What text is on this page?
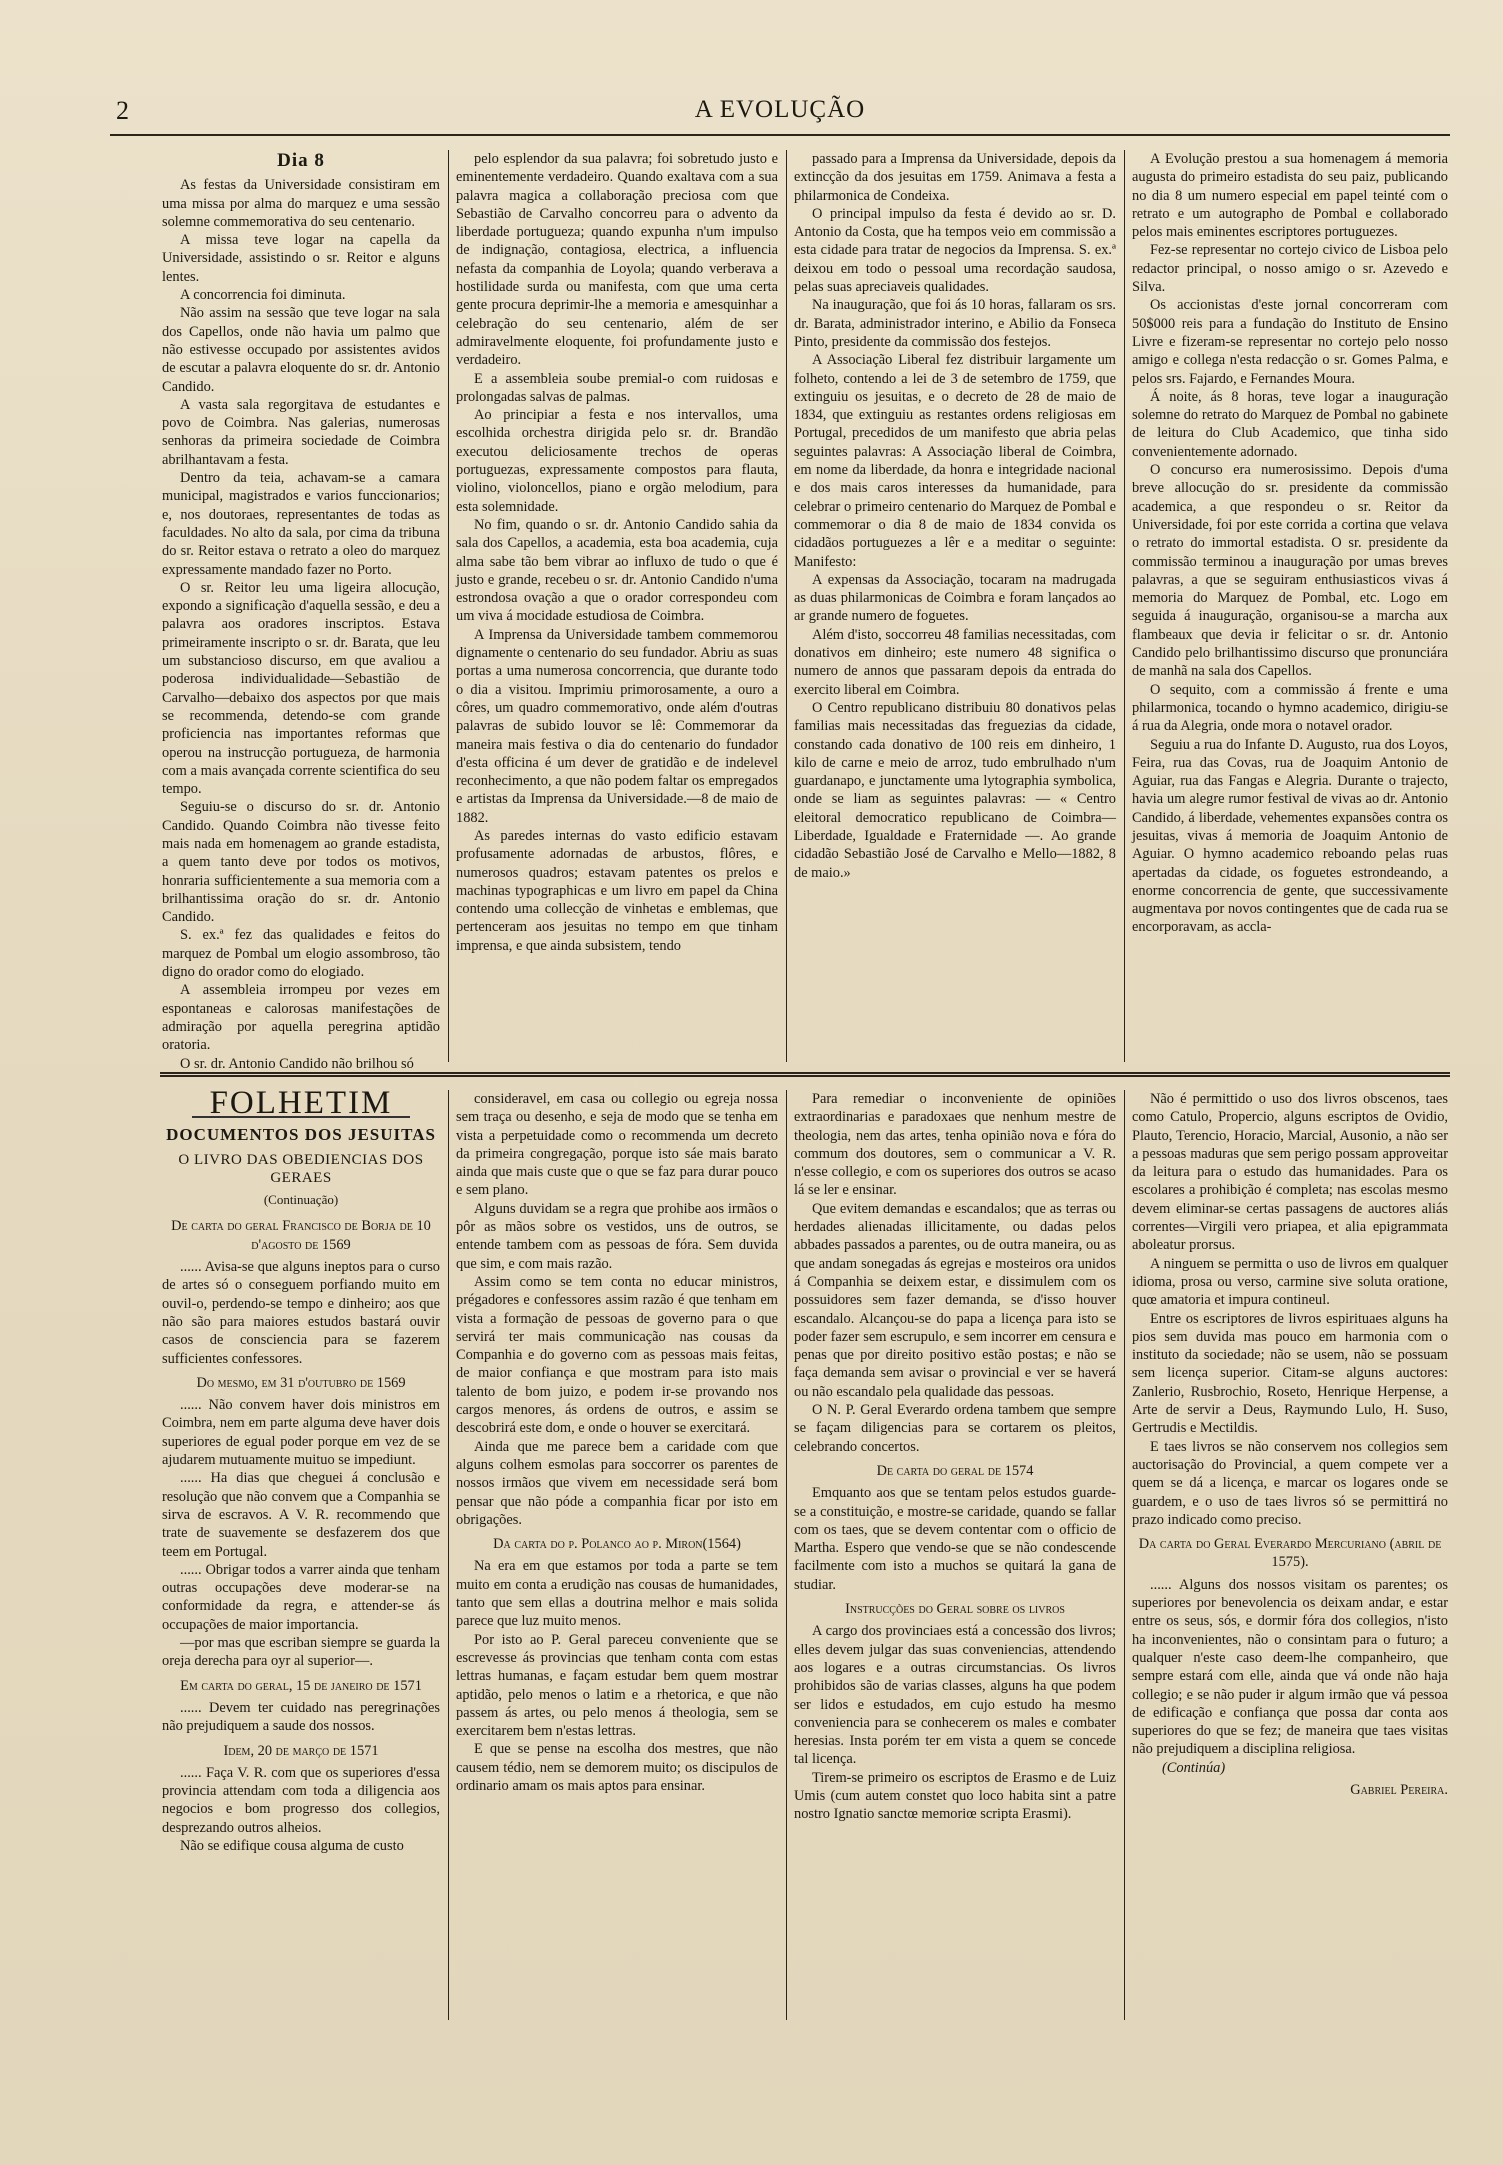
2	A EVOLUÇÃO
Dia 8

As festas da Universidade consistiram em uma missa por alma do marquez e uma sessão solemne commemorativa do seu centenario.

A missa teve logar na capella da Universidade, assistindo o sr. Reitor e alguns lentes.

A concorrencia foi diminuta.

Não assim na sessão que teve logar na sala dos Capellos, onde não havia um palmo que não estivesse occupado por assistentes avidos de escutar a palavra eloquente do sr. dr. Antonio Candido.

A vasta sala regorgitava de estudantes e povo de Coimbra. Nas galerias, numerosas senhoras da primeira sociedade de Coimbra abrilhantavam a festa.

Dentro da teia, achavam-se a camara municipal, magistrados e varios funccionarios; e, nos doutoraes, representantes de todas as faculdades. No alto da sala, por cima da tribuna do sr. Reitor estava o retrato a oleo do marquez expressamente mandado fazer no Porto.

O sr. Reitor leu uma ligeira allocução, expondo a significação d'aquella sessão, e deu a palavra aos oradores inscriptos. Estava primeiramente inscripto o sr. dr. Barata, que leu um substancioso discurso, em que avaliou a poderosa individualidade—Sebastião de Carvalho—debaixo dos aspectos por que mais se recommenda, detendo-se com grande proficiencia nas importantes reformas que operou na instrucção portugueza, de harmonia com a mais avançada corrente scientifica do seu tempo.

Seguiu-se o discurso do sr. dr. Antonio Candido. Quando Coimbra não tivesse feito mais nada em homenagem ao grande estadista, a quem tanto deve por todos os motivos, honraria sufficientemente a sua memoria com a brilhantissima oração do sr. dr. Antonio Candido.

S. ex.ª fez das qualidades e feitos do marquez de Pombal um elogio assombroso, tão digno do orador como do elogiado.

A assembleia irrompeu por vezes em espontaneas e calorosas manifestações de admiração por aquella peregrina aptidão oratoria.

O sr. dr. Antonio Candido não brilhou só

pelo esplendor da sua palavra; foi sobretudo justo e eminentemente verdadeiro. Quando exaltava com a sua palavra magica a collaboração preciosa com que Sebastião de Carvalho concorreu para o advento da liberdade portugueza; quando expunha n'um impulso de indignação, contagiosa, electrica, a influencia nefasta da companhia de Loyola; quando verberava a hostilidade surda ou manifesta, com que uma certa gente procura deprimir-lhe a memoria e amesquinhar a celebração do seu centenario, além de ser admiravelmente eloquente, foi profundamente justo e verdadeiro.

E a assembleia soube premial-o com ruidosas e prolongadas salvas de palmas.

Ao principiar a festa e nos intervallos, uma escolhida orchestra dirigida pelo sr. dr. Brandão executou deliciosamente trechos de operas portuguezas, expressamente compostos para flauta, violino, violoncellos, piano e orgão melodium, para esta solemnidade.

No fim, quando o sr. dr. Antonio Candido sahia da sala dos Capellos, a academia, esta boa academia, cuja alma sabe tão bem vibrar ao influxo de tudo o que é justo e grande, recebeu o sr. dr. Antonio Candido n'uma estrondosa ovação a que o orador correspondeu com um viva á mocidade estudiosa de Coimbra.

A Imprensa da Universidade tambem commemorou dignamente o centenario do seu fundador. Abriu as suas portas a uma numerosa concorrencia, que durante todo o dia a visitou. Imprimiu primorosamente, a ouro a côres, um quadro commemorativo, onde além d'outras palavras de subido louvor se lê: Commemorar da maneira mais festiva o dia do centenario do fundador d'esta officina é um dever de gratidão e de indelevel reconhecimento, a que não podem faltar os empregados e artistas da Imprensa da Universidade.—8 de maio de 1882.

As paredes internas do vasto edificio estavam profusamente adornadas de arbustos, flôres, e numerosos quadros; estavam patentes os prelos e machinas typographicas e um livro em papel da China contendo uma collecção de vinhetas e emblemas, que pertenceram aos jesuitas no tempo em que tinham imprensa, e que ainda subsistem, tendo

passado para a Imprensa da Universidade, depois da extincção da dos jesuitas em 1759. Animava a festa a philarmonica de Condeixa.

O principal impulso da festa é devido ao sr. D. Antonio da Costa, que ha tempos veio em commissão a esta cidade para tratar de negocios da Imprensa. S. ex.ª deixou em todo o pessoal uma recordação saudosa, pelas suas apreciaveis qualidades.

Na inauguração, que foi ás 10 horas, fallaram os srs. dr. Barata, administrador interino, e Abilio da Fonseca Pinto, presidente da commissão dos festejos.

A Associação Liberal fez distribuir largamente um folheto, contendo a lei de 3 de setembro de 1759, que extinguiu os jesuitas, e o decreto de 28 de maio de 1834, que extinguiu as restantes ordens religiosas em Portugal, precedidos de um manifesto que abria pelas seguintes palavras: A Associação liberal de Coimbra, em nome da liberdade, da honra e integridade nacional e dos mais caros interesses da humanidade, para celebrar o primeiro centenario do Marquez de Pombal e commemorar o dia 8 de maio de 1834 convida os cidadãos portuguezes a lêr e a meditar o seguinte: Manifesto:

A expensas da Associação, tocaram na madrugada as duas philarmonicas de Coimbra e foram lançados ao ar grande numero de foguetes.

Além d'isto, soccorreu 48 familias necessitadas, com donativos em dinheiro; este numero 48 significa o numero de annos que passaram depois da entrada do exercito liberal em Coimbra.

O Centro republicano distribuiu 80 donativos pelas familias mais necessitadas das freguezias da cidade, constando cada donativo de 100 reis em dinheiro, 1 kilo de carne e meio de arroz, tudo embrulhado n'um guardanapo, e junctamente uma lytographia symbolica, onde se liam as seguintes palavras: — « Centro eleitoral democratico republicano de Coimbra—Liberdade, Igualdade e Fraternidade —. Ao grande cidadão Sebastião José de Carvalho e Mello—1882, 8 de maio.»

A Evolução prestou a sua homenagem á memoria augusta do primeiro estadista do seu paiz, publicando no dia 8 um numero especial em papel teinté com o retrato e um autographo de Pombal e collaborado pelos mais eminentes escriptores portuguezes.

Fez-se representar no cortejo civico de Lisboa pelo redactor principal, o nosso amigo o sr. Azevedo e Silva.

Os accionistas d'este jornal concorreram com 50$000 reis para a fundação do Instituto de Ensino Livre e fizeram-se representar no cortejo pelo nosso amigo e collega n'esta redacção o sr. Gomes Palma, e pelos srs. Fajardo, e Fernandes Moura.

Á noite, ás 8 horas, teve logar a inauguração solemne do retrato do Marquez de Pombal no gabinete de leitura do Club Academico, que tinha sido convenientemente adornado.

O concurso era numerosissimo. Depois d'uma breve allocução do sr. presidente da commissão academica, a que respondeu o sr. Reitor da Universidade, foi por este corrida a cortina que velava o retrato do immortal estadista. O sr. presidente da commissão terminou a inauguração por umas breves palavras, a que se seguiram enthusiasticos vivas á memoria do Marquez de Pombal, etc. Logo em seguida á inauguração, organisou-se a marcha aux flambeaux que devia ir felicitar o sr. dr. Antonio Candido pelo brilhantissimo discurso que pronunciára de manhã na sala dos Capellos.

O sequito, com a commissão á frente e uma philarmonica, tocando o hymno academico, dirigiu-se á rua da Alegria, onde mora o notavel orador.

Seguiu a rua do Infante D. Augusto, rua dos Loyos, Feira, rua das Covas, rua de Joaquim Antonio de Aguiar, rua das Fangas e Alegria. Durante o trajecto, havia um alegre rumor festival de vivas ao dr. Antonio Candido, á liberdade, vehementes expansões contra os jesuitas, vivas á memoria de Joaquim Antonio de Aguiar. O hymno academico reboando pelas ruas apertadas da cidade, os foguetes estrondeando, a enorme concorrencia de gente, que successivamente augmentava por novos contingentes que de cada rua se encorporavam, as accla-

FOLHETIM
DOCUMENTOS DOS JESUITAS
O LIVRO DAS OBEDIENCIAS DOS GERAES
(Continuação)

De carta do geral Francisco de Borja de 10 d'agosto de 1569

...... Avisa-se que alguns ineptos para o curso de artes só o conseguem porfiando muito em ouvil-o, perdendo-se tempo e dinheiro; aos que não são para maiores estudos bastará ouvir casos de consciencia para se fazerem sufficientes confessores.

Do mesmo, em 31 d'outubro de 1569

...... Não convem haver dois ministros em Coimbra, nem em parte alguma deve haver dois superiores de egual poder porque em vez de se ajudarem mutuamente muituo se impediunt.

...... Ha dias que cheguei á conclusão e resolução que não convem que a Companhia se sirva de escravos. A V. R. recommendo que trate de suavemente se desfazerem dos que teem em Portugal.

...... Obrigar todos a varrer ainda que tenham outras occupações deve moderar-se na conformidade da regra, e attender-se ás occupações de maior importancia.

—por mas que escriban siempre se guarda la oreja derecha para oyr al superior—.

Em carta do geral, 15 de janeiro de 1571

...... Devem ter cuidado nas peregrinações não prejudiquem a saude dos nossos.

Idem, 20 de março de 1571

...... Faça V. R. com que os superiores d'essa provincia attendam com toda a diligencia aos negocios e bom progresso dos collegios, desprezando outros alheios.

Não se edifique cousa alguma de custo

consideravel, em casa ou collegio ou egreja nossa sem traça ou desenho, e seja de modo que se tenha em vista a perpetuidade como o recommenda um decreto da primeira congregação, porque isto sáe mais barato ainda que mais custe que o que se faz para durar pouco e sem plano.

Alguns duvidam se a regra que prohibe aos irmãos o pôr as mãos sobre os vestidos, uns de outros, se entende tambem com as pessoas de fóra. Sem duvida que sim, e com mais razão.

Assim como se tem conta no educar ministros, prégadores e confessores assim razão é que tenham em vista a formação de pessoas de governo para o que servirá ter mais communicação nas cousas da Companhia e do governo com as pessoas mais feitas, de maior confiança e que mostram para isto mais talento de bom juizo, e podem ir-se provando nos cargos menores, ás ordens de outros, e assim se descobrirá este dom, e onde o houver se exercitará.

Ainda que me parece bem a caridade com que alguns colhem esmolas para soccorrer os parentes de nossos irmãos que vivem em necessidade será bom pensar que não póde a companhia ficar por isto em obrigações.

Da carta do p. Polanco ao p. Miron(1564)

Na era em que estamos por toda a parte se tem muito em conta a erudição nas cousas de humanidades, tanto que sem ellas a doutrina melhor e mais solida parece que luz muito menos.

Por isto ao P. Geral pareceu conveniente que se escrevesse ás provincias que tenham conta com estas lettras humanas, e façam estudar bem quem mostrar aptidão, pelo menos o latim e a rhetorica, e que não passem ás artes, ou pelo menos á theologia, sem se exercitarem bem n'estas lettras.

E que se pense na escolha dos mestres, que não causem tédio, nem se demorem muito; os discipulos de ordinario amam os mais aptos para ensinar.

Para remediar o inconveniente de opiniões extraordinarias e paradoxaes que nenhum mestre de theologia, nem das artes, tenha opinião nova e fóra do commum dos doutores, sem o communicar a V. R. n'esse collegio, e com os superiores dos outros se acaso lá se ler e ensinar.

Que evitem demandas e escandalos; que as terras ou herdades alienadas illicitamente, ou dadas pelos abbades passados a parentes, ou de outra maneira, ou as que andam sonegadas ás egrejas e mosteiros ora unidos á Companhia se deixem estar, e dissimulem com os possuidores sem fazer demanda, se d'isso houver escandalo. Alcançou-se do papa a licença para isto se poder fazer sem escrupulo, e sem incorrer em censura e penas que por direito positivo estão postas; e não se faça demanda sem avisar o provincial e ver se haverá ou não escandalo pela qualidade das pessoas.

O N. P. Geral Everardo ordena tambem que sempre se façam diligencias para se cortarem os pleitos, celebrando concertos.

De carta do geral de 1574

Emquanto aos que se tentam pelos estudos guarde-se a constituição, e mostre-se caridade, quando se fallar com os taes, que se devem contentar com o officio de Martha. Espero que vendo-se que se não condescende facilmente com isto a muchos se quitará la gana de studiar.

Instrucções do Geral sobre os livros

A cargo dos provinciaes está a concessão dos livros; elles devem julgar das suas conveniencias, attendendo aos logares e a outras circumstancias. Os livros prohibidos são de varias classes, alguns ha que podem ser lidos e estudados, em cujo estudo ha mesmo conveniencia para se conhecerem os males e combater heresias. Insta porém ter em vista a quem se concede tal licença.

Tirem-se primeiro os escriptos de Erasmo e de Luiz Umis (cum autem constet quo loco habita sint a patre nostro Ignatio sanctœ memoriœ scripta Erasmi).

Não é permittido o uso dos livros obscenos, taes como Catulo, Propercio, alguns escriptos de Ovidio, Plauto, Terencio, Horacio, Marcial, Ausonio, a não ser a pessoas maduras que sem perigo possam approveitar da leitura para o estudo das humanidades. Para os escolares a prohibição é completa; nas escolas mesmo devem eliminar-se certas passagens de auctores aliás correntes—Virgili vero priapea, et alia epigrammata aboleatur prorsus.

A ninguem se permitta o uso de livros em qualquer idioma, prosa ou verso, carmine sive soluta oratione, quœ amatoria et impura contineul.

Entre os escriptores de livros espirituaes alguns ha pios sem duvida mas pouco em harmonia com o instituto da sociedade; não se usem, não se possuam sem licença superior. Citam-se alguns auctores: Zanlerio, Rusbrochio, Roseto, Henrique Herpense, a Arte de servir a Deus, Raymundo Lulo, H. Suso, Gertrudis e Mectildis.

E taes livros se não conservem nos collegios sem auctorisação do Provincial, a quem compete ver a quem se dá a licença, e marcar os logares onde se guardem, e o uso de taes livros só se permittirá no prazo indicado como preciso.

Da carta do Geral Everardo Mercuriano (abril de 1575).

...... Alguns dos nossos visitam os parentes; os superiores por benevolencia os deixam andar, e estar entre os seus, sós, e dormir fóra dos collegios, n'isto ha inconvenientes, não o consintam para o futuro; a qualquer n'este caso deem-lhe companheiro, que sempre estará com elle, ainda que vá onde não haja collegio; e se não puder ir algum irmão que vá pessoa de edificação e confiança que possa dar conta aos superiores do que se fez; de maneira que taes visitas não prejudiquem a disciplina religiosa.

(Continúa)

Gabriel Pereira.
